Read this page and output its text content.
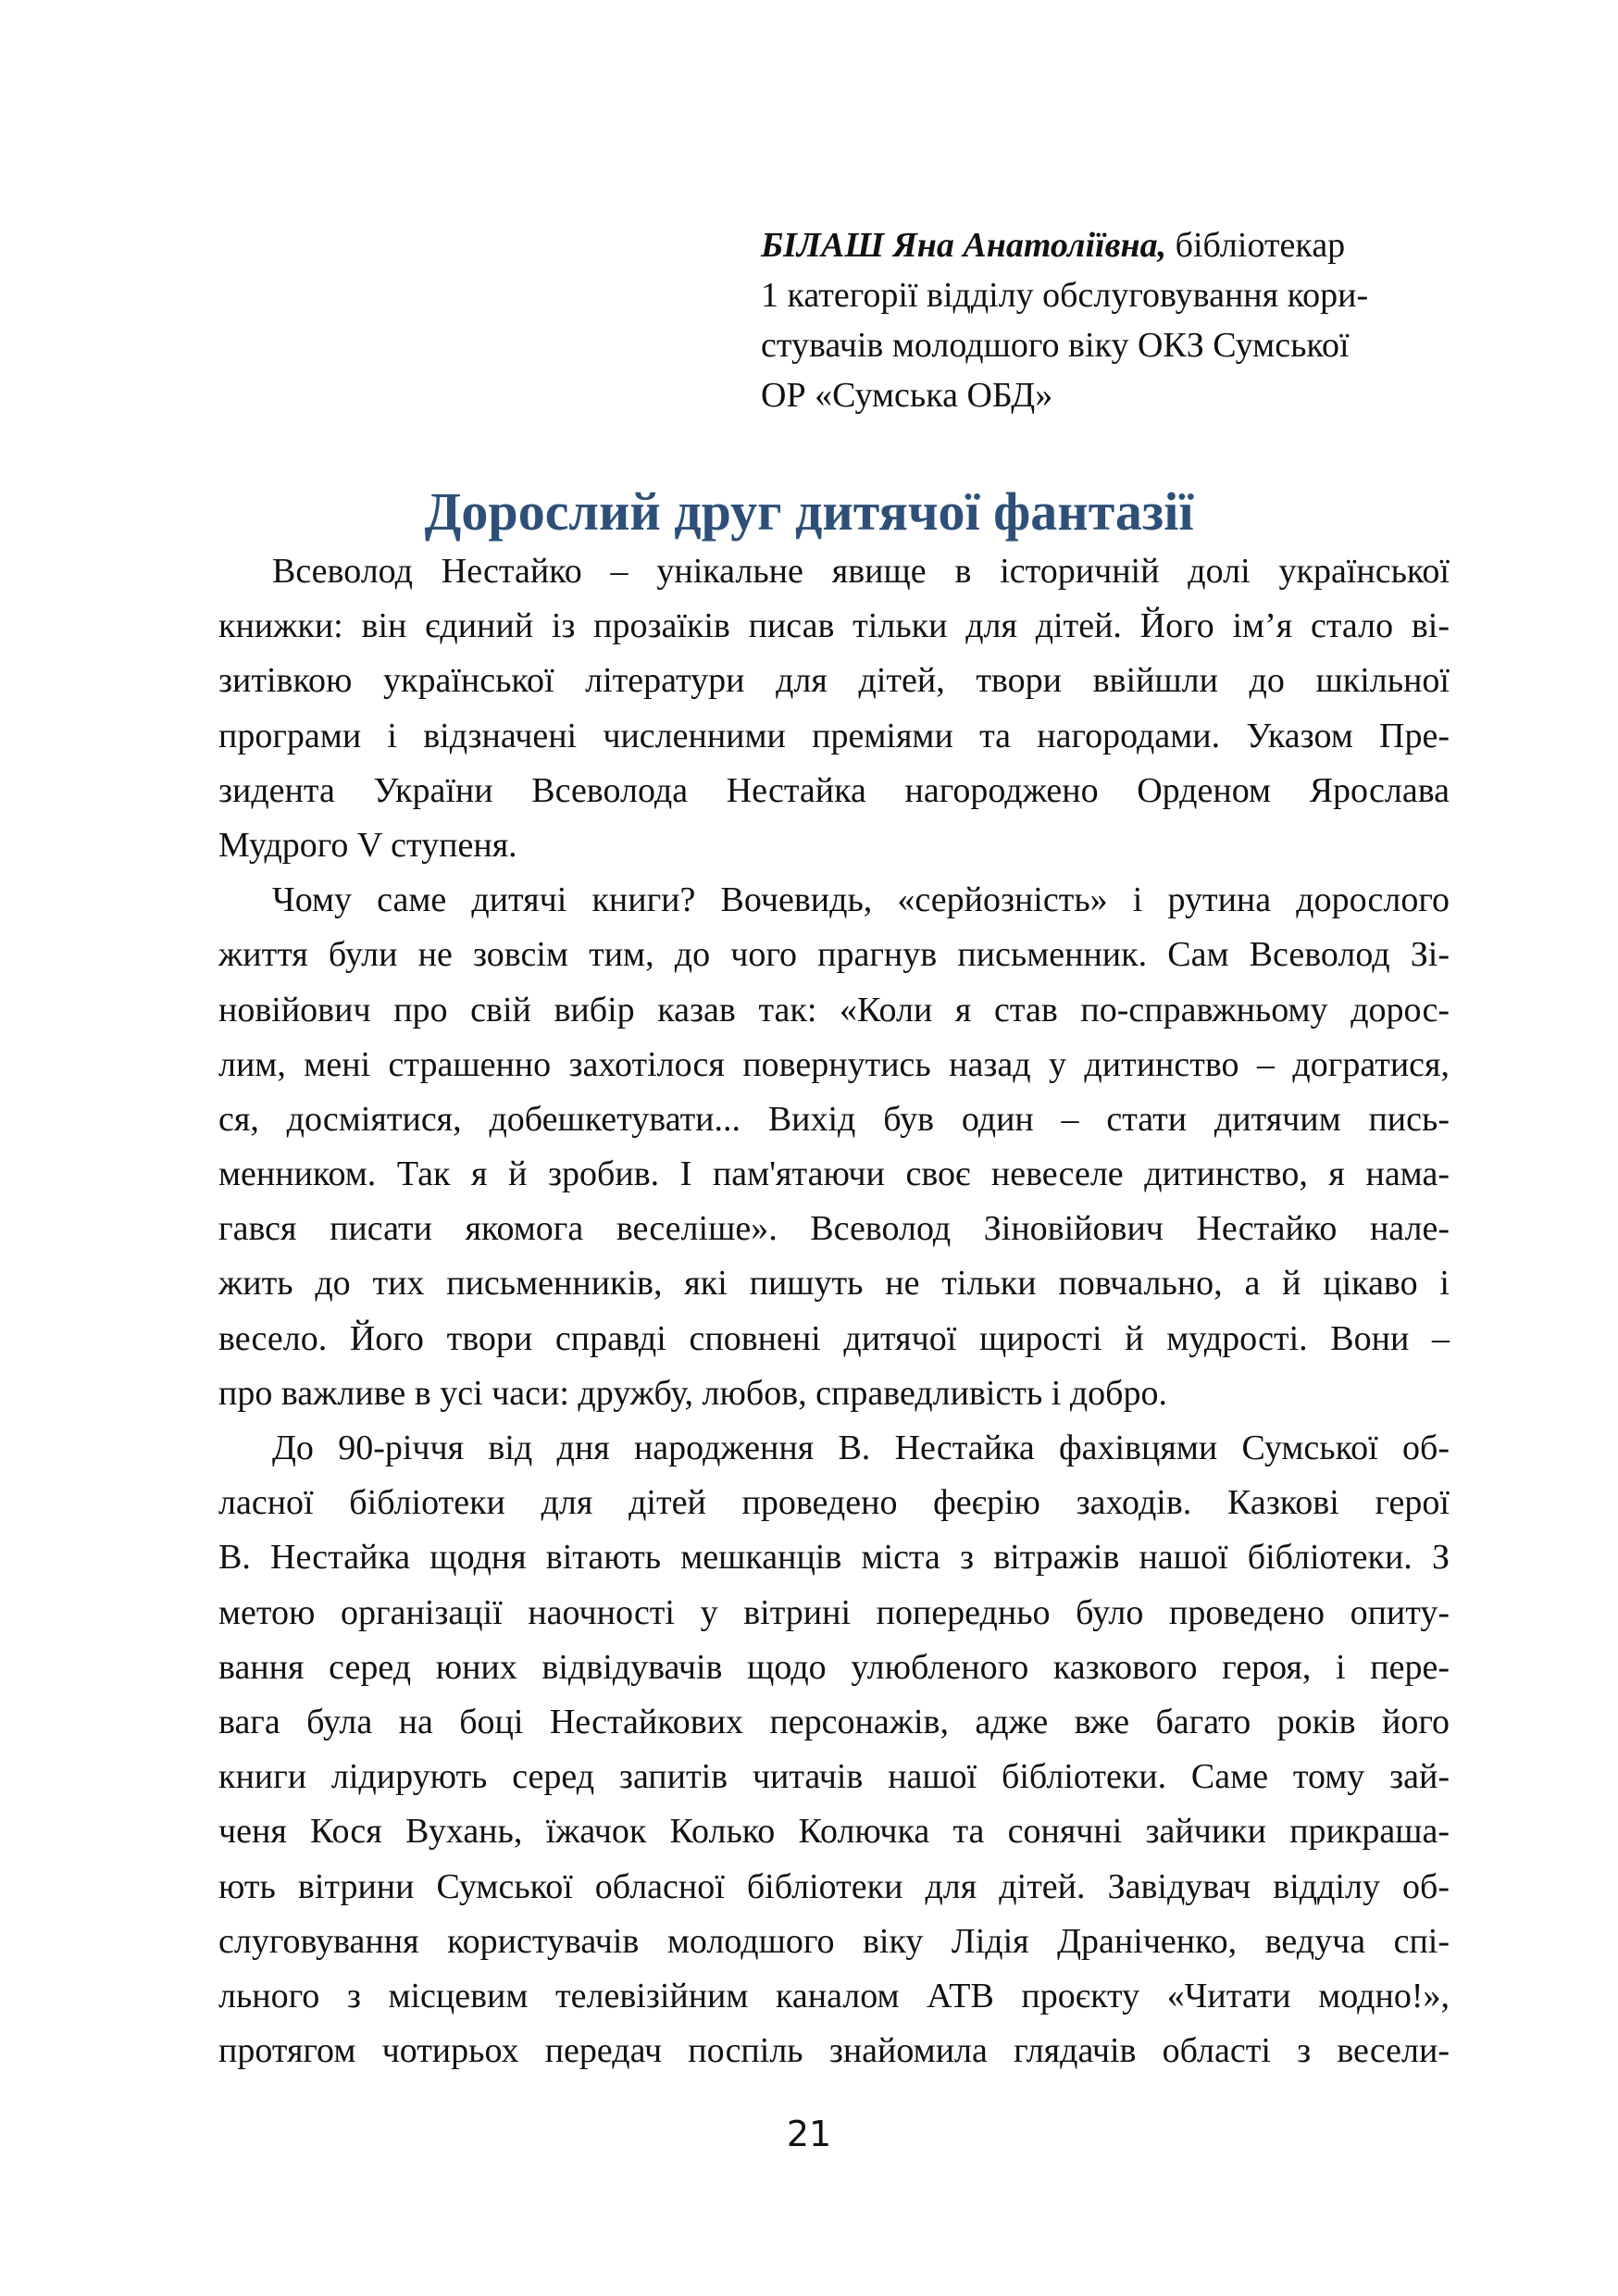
БІЛАШ Яна Анатоліївна, бібліотекар
1 категорії відділу обслуговування кори-
стувачів молодшого віку ОКЗ Сумської
ОР «Сумська ОБД»
Дорослий друг дитячої фантазії
Всеволод Нестайко – унікальне явище в історичній долі української
книжки: він єдиний із прозаїків писав тільки для дітей. Його ім’я стало ві-
зитівкою української літератури для дітей, твори ввійшли до шкільної
програми і відзначені численними преміями та нагородами. Указом Пре-
зидента України Всеволода Нестайка нагороджено Орденом Ярослава
Мудрого V ступеня.
Чому саме дитячі книги? Вочевидь, «серйозність» і рутина дорослого
життя були не зовсім тим, до чого прагнув письменник. Сам Всеволод Зі-
новійович про свій вибір казав так: «Коли я став по-справжньому дорос-
лим, мені страшенно захотілося повернутись назад у дитинство – догратися,
ся, досміятися, добешкетувати... Вихід був один – стати дитячим пись-
менником. Так я й зробив. І пам'ятаючи своє невеселе дитинство, я нама-
гався писати якомога веселіше». Всеволод Зіновійович Нестайко нале-
жить до тих письменників, які пишуть не тільки повчально, а й цікаво і
весело. Його твори справді сповнені дитячої щирості й мудрості. Вони –
про важливе в усі часи: дружбу, любов, справедливість і добро.
До 90-річчя від дня народження В. Нестайка фахівцями Сумської об-
ласної бібліотеки для дітей проведено феєрію заходів. Казкові герої
В. Нестайка щодня вітають мешканців міста з вітражів нашої бібліотеки. З
метою організації наочності у вітрині попередньо було проведено опиту-
вання серед юних відвідувачів щодо улюбленого казкового героя, і пере-
вага була на боці Нестайкових персонажів, адже вже багато років його
книги лідирують серед запитів читачів нашої бібліотеки. Саме тому зай-
ченя Кося Вухань, їжачок Колько Колючка та сонячні зайчики прикраша-
ють вітрини Сумської обласної бібліотеки для дітей. Завідувач відділу об-
слуговування користувачів молодшого віку Лідія Драніченко, ведуча спі-
льного з місцевим телевізійним каналом АТВ проєкту «Читати модно!»,
протягом чотирьох передач поспіль знайомила глядачів області з весели-
21
